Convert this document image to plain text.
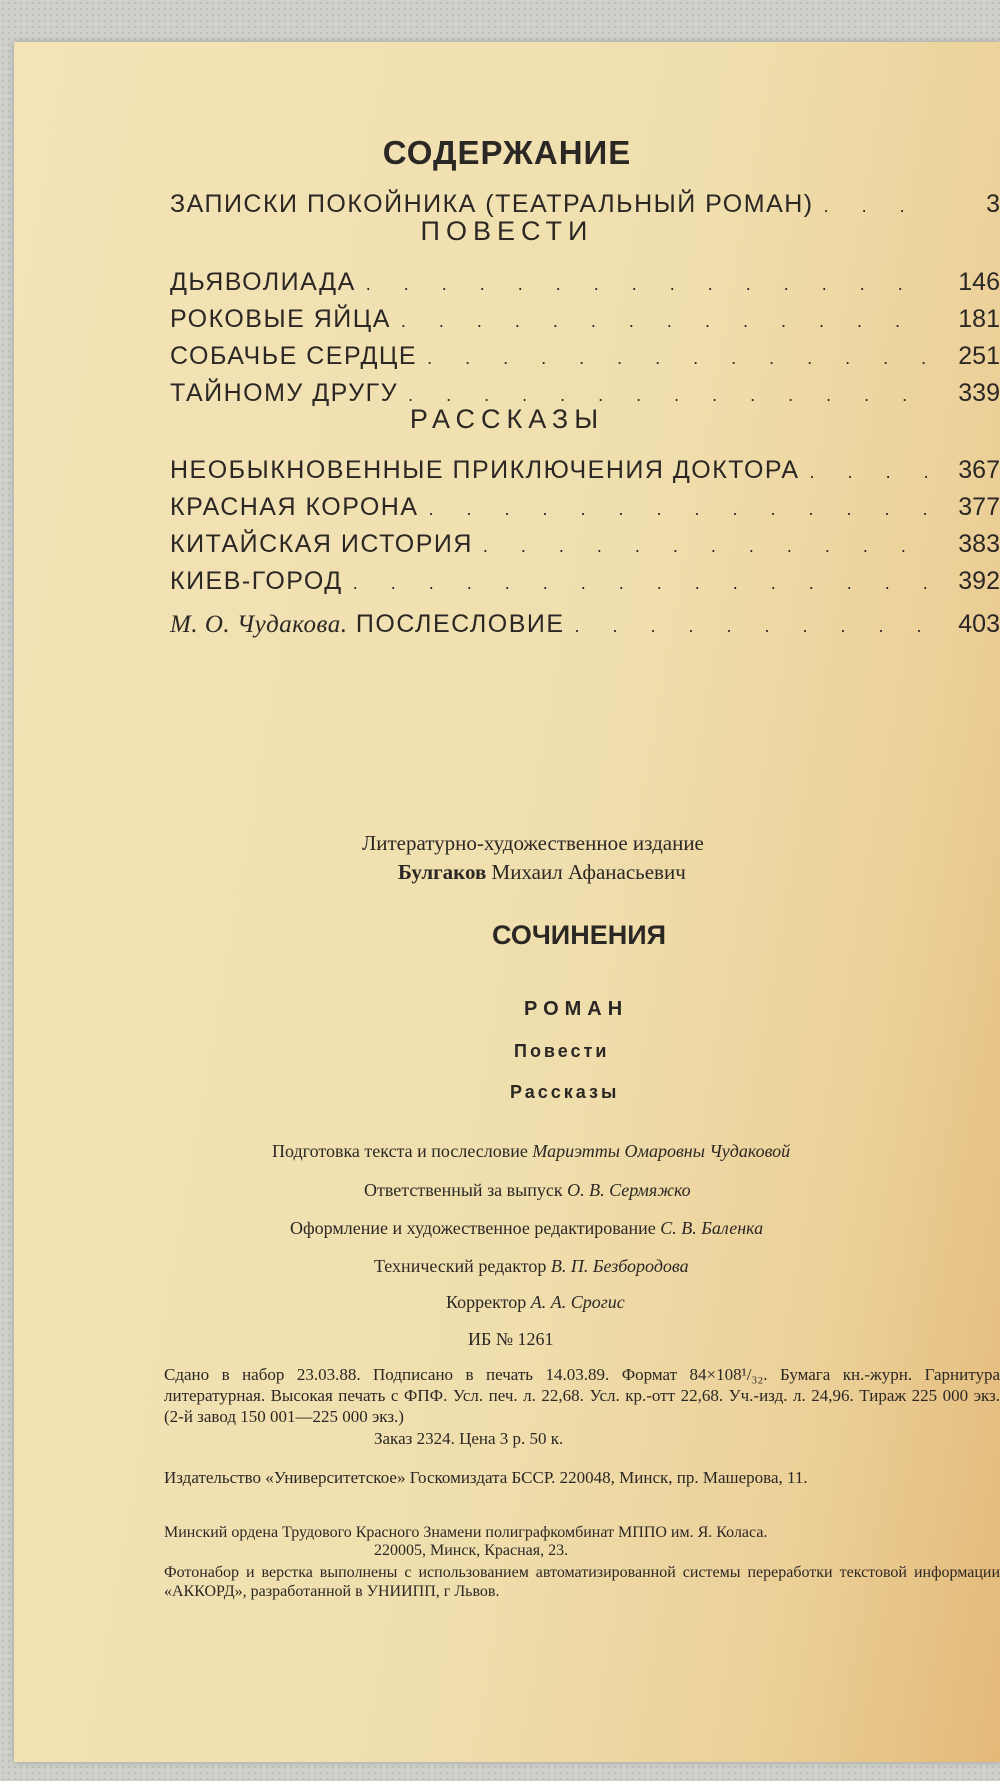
СОДЕРЖАНИЕ
ЗАПИСКИ ПОКОЙНИКА (ТЕАТРАЛЬНЫЙ РОМАН) . . .	3
ПОВЕСТИ
ДЬЯВОЛИАДА . . .	146
РОКОВЫЕ ЯЙЦА . . .	181
СОБАЧЬЕ СЕРДЦЕ . . .	251
ТАЙНОМУ ДРУГУ . . .	339
РАССКАЗЫ
НЕОБЫКНОВЕННЫЕ ПРИКЛЮЧЕНИЯ ДОКТОРА . . .	367
КРАСНАЯ КОРОНА . . .	377
КИТАЙСКАЯ ИСТОРИЯ . . .	383
КИЕВ-ГОРОД . . .	392
М. О. Чудакова. ПОСЛЕСЛОВИЕ . . .	403
Литературно-художественное издание
Булгаков Михаил Афанасьевич
СОЧИНЕНИЯ
РОМАН
Повести
Рассказы
Подготовка текста и послесловие Мариэтты Омаровны Чудаковой
Ответственный за выпуск О. В. Сермяжко
Оформление и художественное редактирование С. В. Баленка
Технический редактор В. П. Безбородова
Корректор А. А. Срогис
ИБ № 1261

Сдано в набор 23.03.88. Подписано в печать 14.03.89. Формат 84×108¹/₃₂. Бумага кн.-журн. Гарнитура литературная. Высокая печать с ФПФ. Усл. печ. л. 22,68. Усл. кр.-отт 22,68. Уч.-изд. л. 24,96. Тираж 225 000 экз. (2-й завод 150 001—225 000 экз.)

Заказ 2324. Цена 3 р. 50 к.

Издательство «Университетское» Госкомиздата БССР. 220048, Минск, пр. Машерова, 11.

Минский ордена Трудового Красного Знамени полиграфкомбинат МППО им. Я. Коласа.

220005, Минск, Красная, 23.

Фотонабор и верстка выполнены с использованием автоматизированной системы переработки текстовой информации «АККОРД», разработанной в УНИИПП, г Львов.
